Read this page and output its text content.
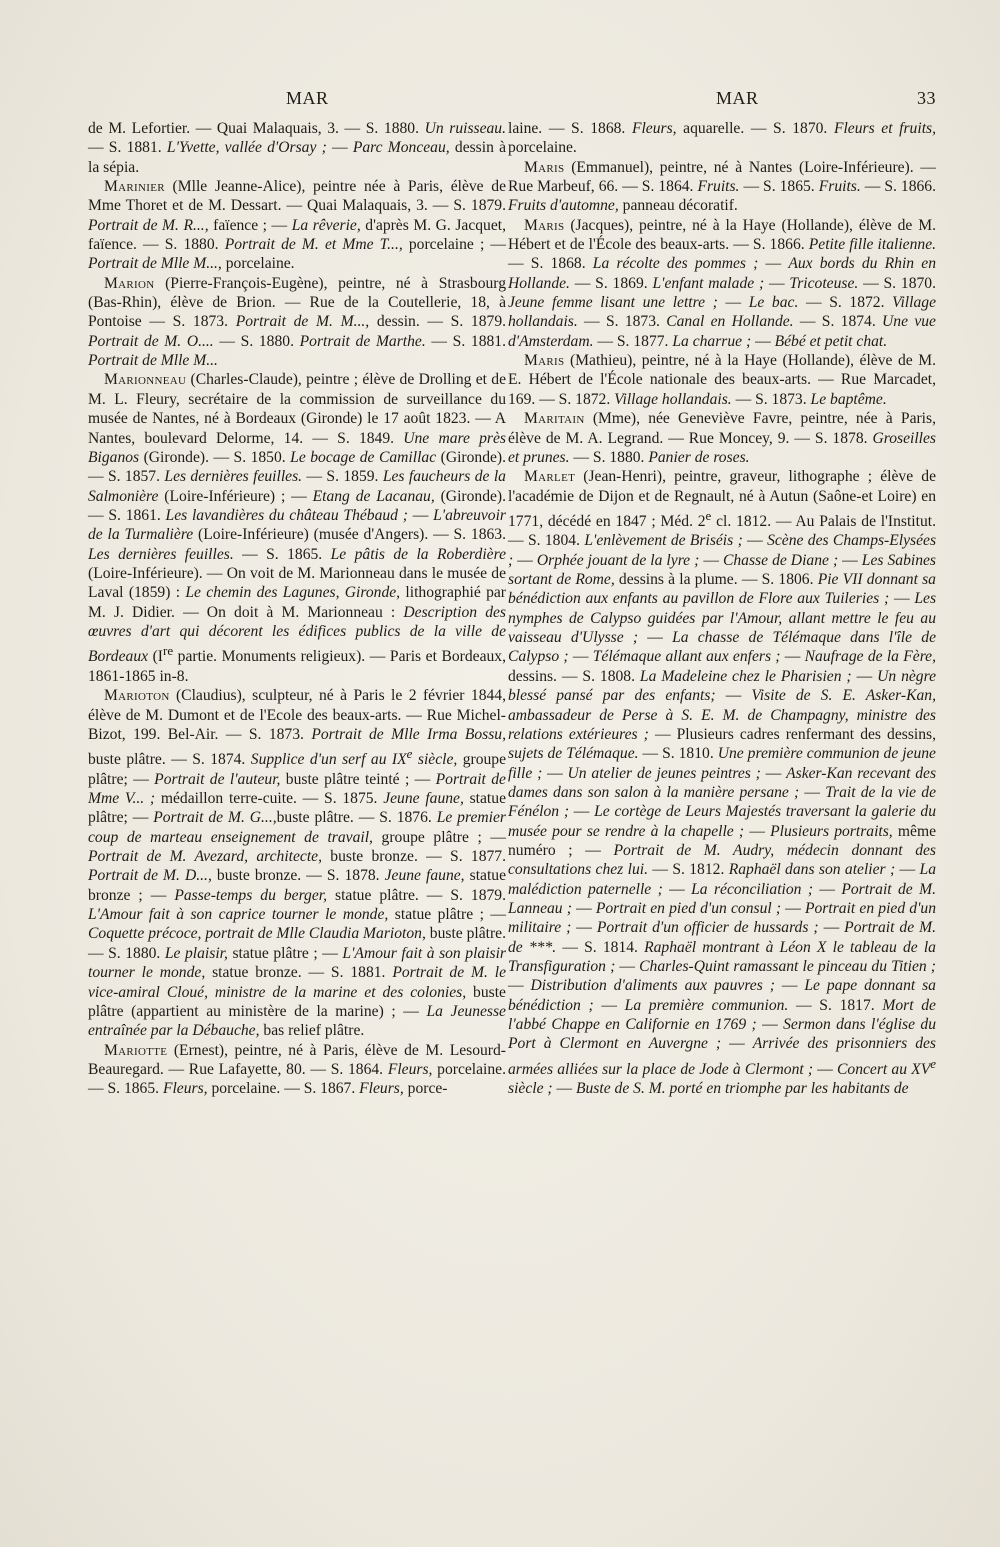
MAR	MAR	33

de M. Lefortier. — Quai Malaquais, 3. — S. 1880. Un ruisseau. — S. 1881. L'Yvette, vallée d'Orsay ; — Parc Monceau, dessin à la sépia.

Marinier (Mlle Jeanne-Alice), peintre née à Paris, élève de Mme Thoret et de M. Dessart. — Quai Malaquais, 3. — S. 1879. Portrait de M. R..., faïence ; — La rêverie, d'après M. G. Jacquet, faïence. — S. 1880. Portrait de M. et Mme T..., porcelaine ; — Portrait de Mlle M..., porcelaine.

Marion (Pierre-François-Eugène), peintre, né à Strasbourg (Bas-Rhin), élève de Brion. — Rue de la Coutellerie, 18, à Pontoise — S. 1873. Portrait de M. M..., dessin. — S. 1879. Portrait de M. O.... — S. 1880. Portrait de Marthe. — S. 1881. Portrait de Mlle M...

Marionneau (Charles-Claude), peintre ; élève de Drolling et de M. L. Fleury, secrétaire de la commission de surveillance du musée de Nantes, né à Bordeaux (Gironde) le 17 août 1823. — A Nantes, boulevard Delorme, 14. — S. 1849. Une mare près Biganos (Gironde). — S. 1850. Le bocage de Camillac (Gironde). — S. 1857. Les dernières feuilles. — S. 1859. Les faucheurs de la Salmonière (Loire-Inférieure) ; — Etang de Lacanau, (Gironde). — S. 1861. Les lavandières du château Thébaud ; — L'abreuvoir de la Turmalière (Loire-Inférieure) (musée d'Angers). — S. 1863. Les dernières feuilles. — S. 1865. Le pâtis de la Roberdière (Loire-Inférieure). — On voit de M. Marionneau dans le musée de Laval (1859) : Le chemin des Lagunes, Gironde, lithographié par M. J. Didier. — On doit à M. Marionneau : Description des œuvres d'art qui décorent les édifices publics de la ville de Bordeaux (Ire partie. Monuments religieux). — Paris et Bordeaux, 1861-1865 in-8.

Marioton (Claudius), sculpteur, né à Paris le 2 février 1844, élève de M. Dumont et de l'Ecole des beaux-arts. — Rue Michel-Bizot, 199. Bel-Air. — S. 1873. Portrait de Mlle Irma Bossu, buste plâtre. — S. 1874. Supplice d'un serf au IXe siècle, groupe plâtre; — Portrait de l'auteur, buste plâtre teinté ; — Portrait de Mme V... ; médaillon terre-cuite. — S. 1875. Jeune faune, statue plâtre; — Portrait de M. G...,buste plâtre. — S. 1876. Le premier coup de marteau enseignement de travail, groupe plâtre ; — Portrait de M. Avezard, architecte, buste bronze. — S. 1877. Portrait de M. D..., buste bronze. — S. 1878. Jeune faune, statue bronze ; — Passe-temps du berger, statue plâtre. — S. 1879. L'Amour fait à son caprice tourner le monde, statue plâtre ; — Coquette précoce, portrait de Mlle Claudia Marioton, buste plâtre. — S. 1880. Le plaisir, statue plâtre ; — L'Amour fait à son plaisir tourner le monde, statue bronze. — S. 1881. Portrait de M. le vice-amiral Cloué, ministre de la marine et des colonies, buste plâtre (appartient au ministère de la marine) ; — La Jeunesse entraînée par la Débauche, bas relief plâtre.

Mariotte (Ernest), peintre, né à Paris, élève de M. Lesourd-Beauregard. — Rue Lafayette, 80. — S. 1864. Fleurs, porcelaine. — S. 1865. Fleurs, porcelaine. — S. 1867. Fleurs, porce-

laine. — S. 1868. Fleurs, aquarelle. — S. 1870. Fleurs et fruits, porcelaine.

Maris (Emmanuel), peintre, né à Nantes (Loire-Inférieure). — Rue Marbeuf, 66. — S. 1864. Fruits. — S. 1865. Fruits. — S. 1866. Fruits d'automne, panneau décoratif.

Maris (Jacques), peintre, né à la Haye (Hollande), élève de M. Hébert et de l'École des beaux-arts. — S. 1866. Petite fille italienne. — S. 1868. La récolte des pommes ; — Aux bords du Rhin en Hollande. — S. 1869. L'enfant malade ; — Tricoteuse. — S. 1870. Jeune femme lisant une lettre ; — Le bac. — S. 1872. Village hollandais. — S. 1873. Canal en Hollande. — S. 1874. Une vue d'Amsterdam. — S. 1877. La charrue ; — Bébé et petit chat.

Maris (Mathieu), peintre, né à la Haye (Hollande), élève de M. E. Hébert de l'École nationale des beaux-arts. — Rue Marcadet, 169. — S. 1872. Village hollandais. — S. 1873. Le baptême.

Maritain (Mme), née Geneviève Favre, peintre, née à Paris, élève de M. A. Legrand. — Rue Moncey, 9. — S. 1878. Groseilles et prunes. — S. 1880. Panier de roses.

Marlet (Jean-Henri), peintre, graveur, lithographe ; élève de l'académie de Dijon et de Regnault, né à Autun (Saône-et Loire) en 1771, décédé en 1847 ; Méd. 2e cl. 1812. — Au Palais de l'Institut. — S. 1804. L'enlèvement de Briséis ; — Scène des Champs-Elysées ; — Orphée jouant de la lyre ; — Chasse de Diane ; — Les Sabines sortant de Rome, dessins à la plume. — S. 1806. Pie VII donnant sa bénédiction aux enfants au pavillon de Flore aux Tuileries ; — Les nymphes de Calypso guidées par l'Amour, allant mettre le feu au vaisseau d'Ulysse ; — La chasse de Télémaque dans l'île de Calypso ; — Télémaque allant aux enfers ; — Naufrage de la Fère, dessins. — S. 1808. La Madeleine chez le Pharisien ; — Un nègre blessé pansé par des enfants; — Visite de S. E. Asker-Kan, ambassadeur de Perse à S. E. M. de Champagny, ministre des relations extérieures ; — Plusieurs cadres renfermant des dessins, sujets de Télémaque. — S. 1810. Une première communion de jeune fille ; — Un atelier de jeunes peintres ; — Asker-Kan recevant des dames dans son salon à la manière persane ; — Trait de la vie de Fénélon ; — Le cortège de Leurs Majestés traversant la galerie du musée pour se rendre à la chapelle ; — Plusieurs portraits, même numéro ; — Portrait de M. Audry, médecin donnant des consultations chez lui. — S. 1812. Raphaël dans son atelier ; — La malédiction paternelle ; — La réconciliation ; — Portrait de M. Lanneau ; — Portrait en pied d'un consul ; — Portrait en pied d'un militaire ; — Portrait d'un officier de hussards ; — Portrait de M. de ***. — S. 1814. Raphaël montrant à Léon X le tableau de la Transfiguration ; — Charles-Quint ramassant le pinceau du Titien ; — Distribution d'aliments aux pauvres ; — Le pape donnant sa bénédiction ; — La première communion. — S. 1817. Mort de l'abbé Chappe en Californie en 1769 ; — Sermon dans l'église du Port à Clermont en Auvergne ; — Arrivée des prisonniers des armées alliées sur la place de Jode à Clermont ; — Concert au XVe siècle ; — Buste de S. M. porté en triomphe par les habitants de
